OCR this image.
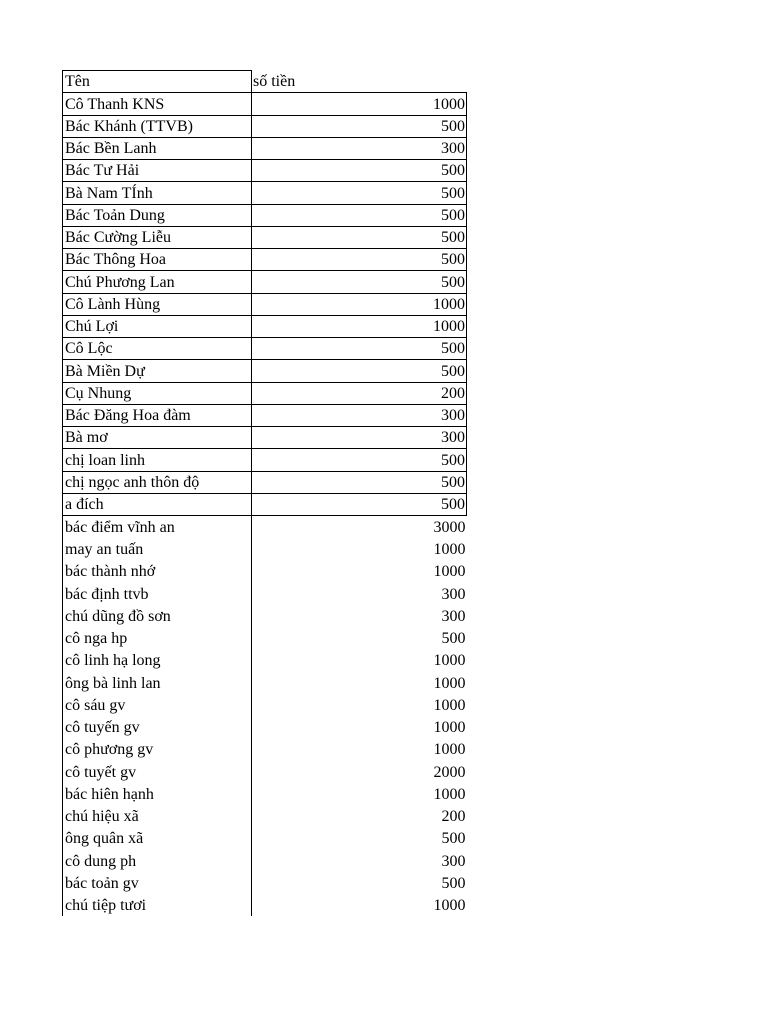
Tên	số tiền
Cô Thanh KNS	1000
Bác Khánh (TTVB)	500
Bác Bền Lanh	300
Bác Tư Hải	500
Bà Nam TÍnh	500
Bác Toản Dung	500
Bác Cường Liễu	500
Bác Thông Hoa	500
Chú Phương Lan	500
Cô Lành Hùng	1000
Chú Lợi	1000
Cô Lộc	500
Bà Miền Dự	500
Cụ Nhung	200
Bác Đăng Hoa đàm	300
Bà mơ	300
chị loan linh	500
chị ngọc anh thôn độ	500
a đích	500
bác điểm vĩnh an	3000
may an tuấn	1000
bác thành nhớ	1000
bác định ttvb	300
chú dũng đồ sơn	300
cô nga hp	500
cô linh hạ long	1000
ông bà linh lan	1000
cô sáu gv	1000
cô tuyến gv	1000
cô phương gv	1000
cô tuyết gv	2000
bác hiên hạnh	1000
chú hiệu xã	200
ông quân xã	500
cô dung ph	300
bác toản gv	500
chú tiệp tươi	1000
